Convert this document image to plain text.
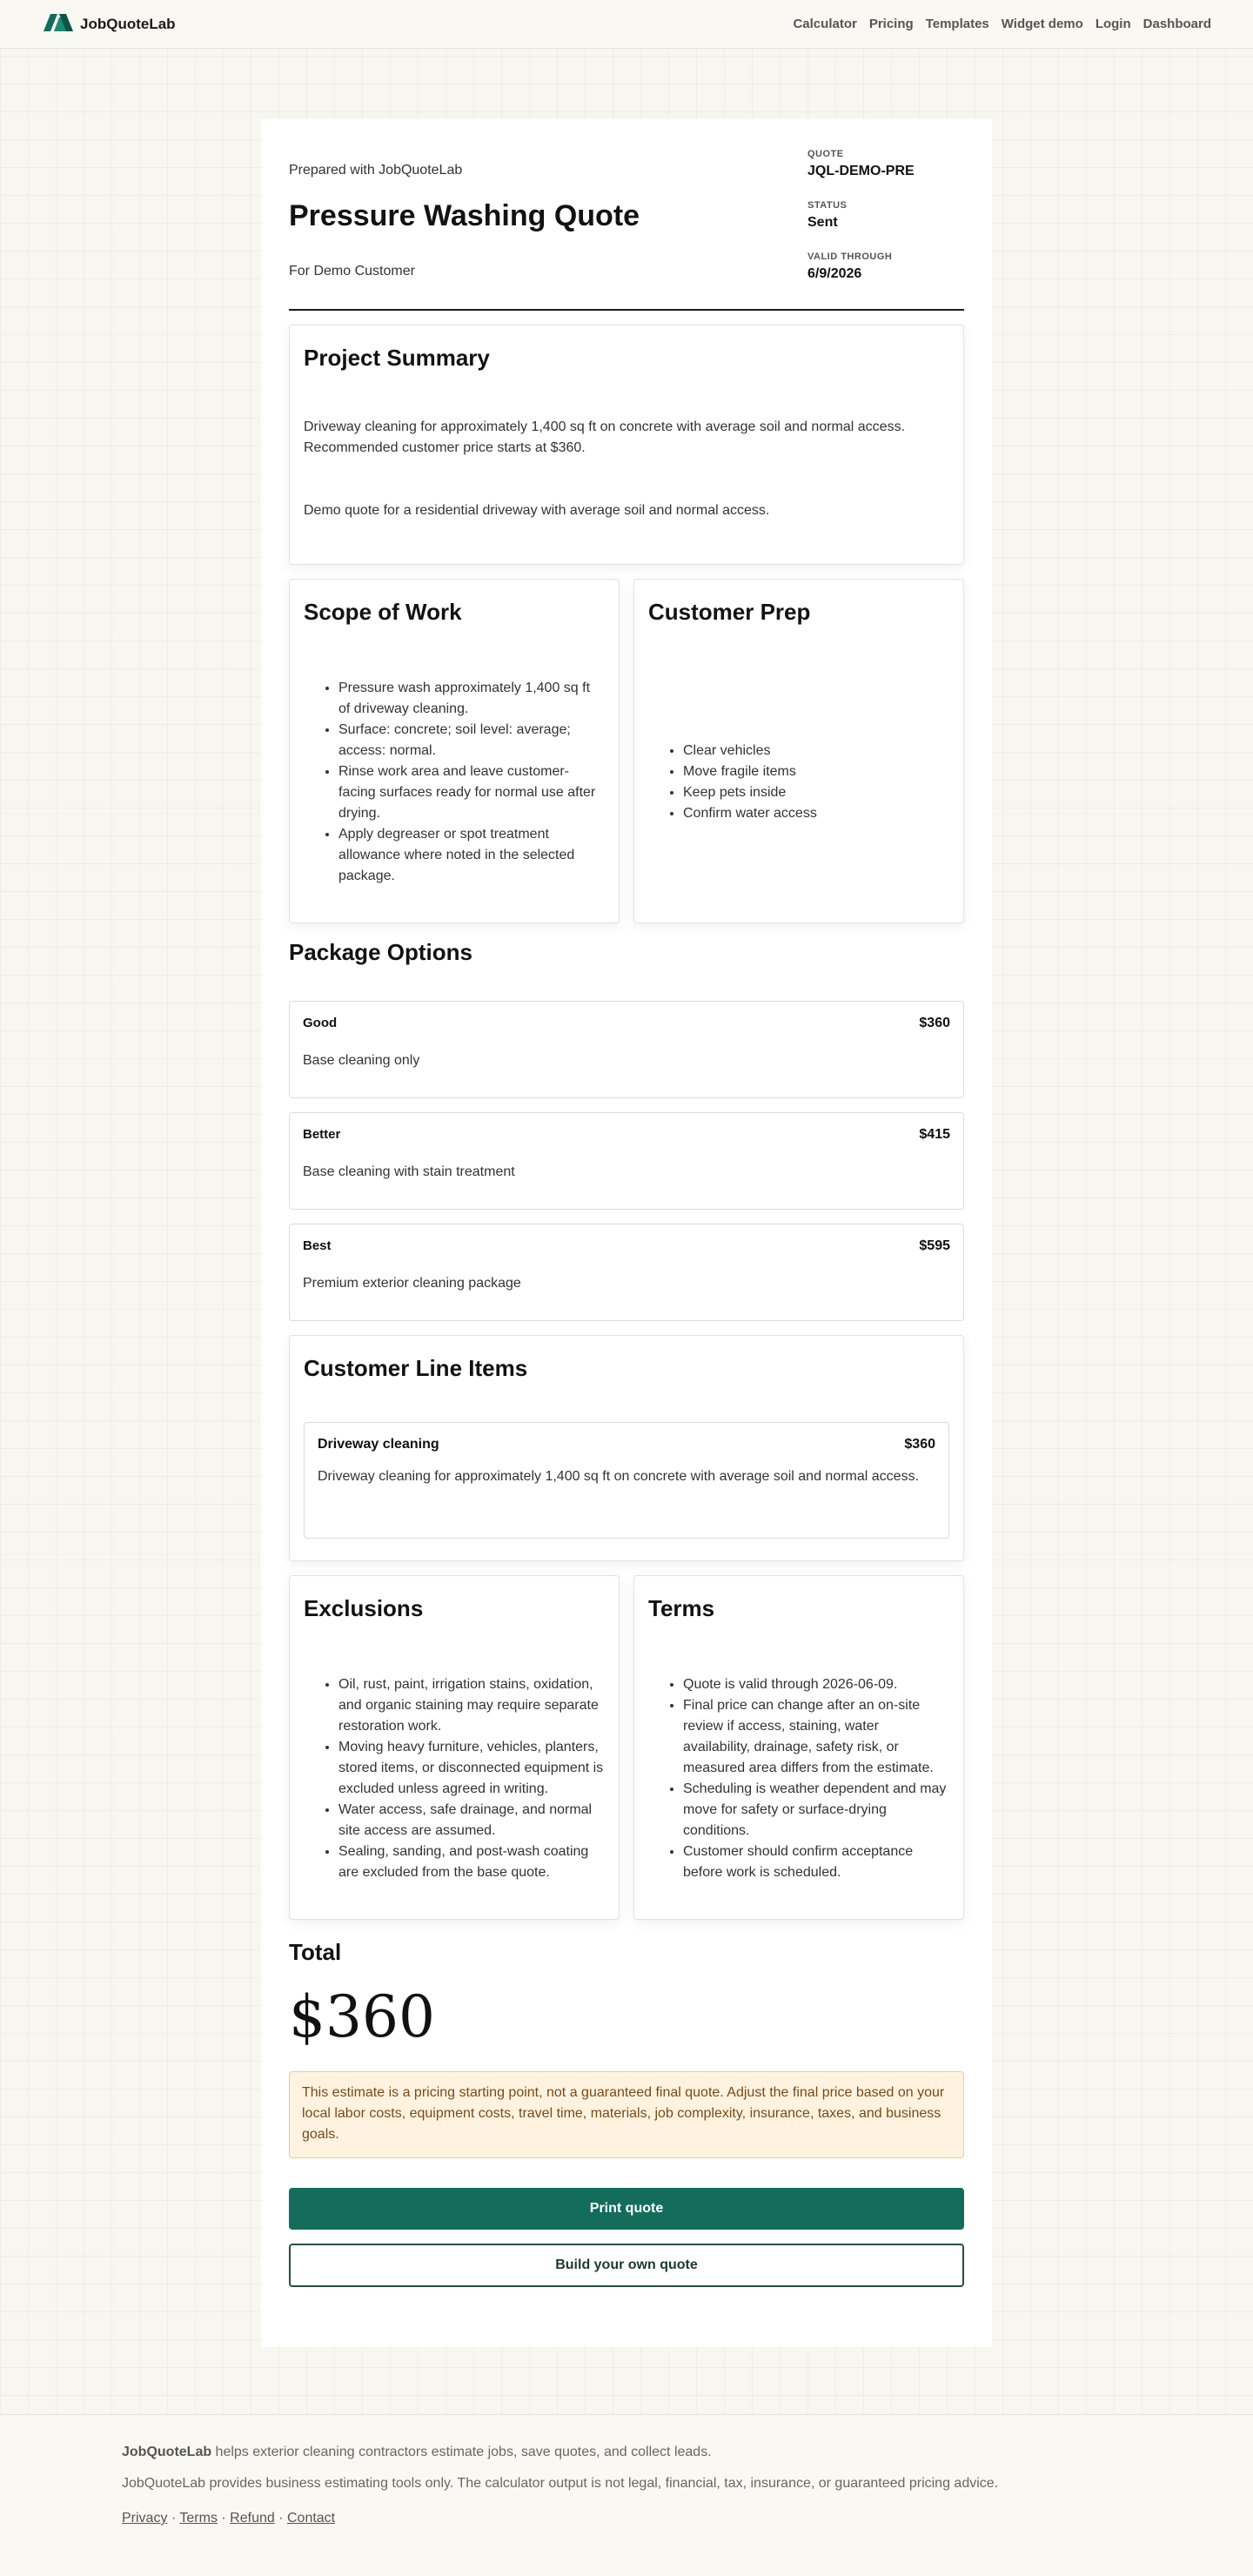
JobQuoteLab	Calculator Pricing Templates Widget demo Login Dashboard
Prepared with JobQuoteLab
Pressure Washing Quote
For Demo Customer
QUOTE
JQL-DEMO-PRE
STATUS
Sent
VALID THROUGH
6/9/2026
Project Summary

Driveway cleaning for approximately 1,400 sq ft on concrete with average soil and normal access. Recommended customer price starts at $360.

Demo quote for a residential driveway with average soil and normal access.

Scope of Work
• Pressure wash approximately 1,400 sq ft of driveway cleaning.
• Surface: concrete; soil level: average; access: normal.
• Rinse work area and leave customer-facing surfaces ready for normal use after drying.
• Apply degreaser or spot treatment allowance where noted in the selected package.
Customer Prep
• Clear vehicles
• Move fragile items
• Keep pets inside
• Confirm water access
Package Options
Good	$360
Base cleaning only
Better	$415
Base cleaning with stain treatment
Best	$595
Premium exterior cleaning package
Customer Line Items
Driveway cleaning	$360
Driveway cleaning for approximately 1,400 sq ft on concrete with average soil and normal access.
Exclusions
• Oil, rust, paint, irrigation stains, oxidation, and organic staining may require separate restoration work.
• Moving heavy furniture, vehicles, planters, stored items, or disconnected equipment is excluded unless agreed in writing.
• Water access, safe drainage, and normal site access are assumed.
• Sealing, sanding, and post-wash coating are excluded from the base quote.
Terms
• Quote is valid through 2026-06-09.
• Final price can change after an on-site review if access, staining, water availability, drainage, safety risk, or measured area differs from the estimate.
• Scheduling is weather dependent and may move for safety or surface-drying conditions.
• Customer should confirm acceptance before work is scheduled.
Total
$360
This estimate is a pricing starting point, not a guaranteed final quote. Adjust the final price based on your local labor costs, equipment costs, travel time, materials, job complexity, insurance, taxes, and business goals.
Print quote
Build your own quote

JobQuoteLab helps exterior cleaning contractors estimate jobs, save quotes, and collect leads.

JobQuoteLab provides business estimating tools only. The calculator output is not legal, financial, tax, insurance, or guaranteed pricing advice.

Privacy · Terms · Refund · Contact
